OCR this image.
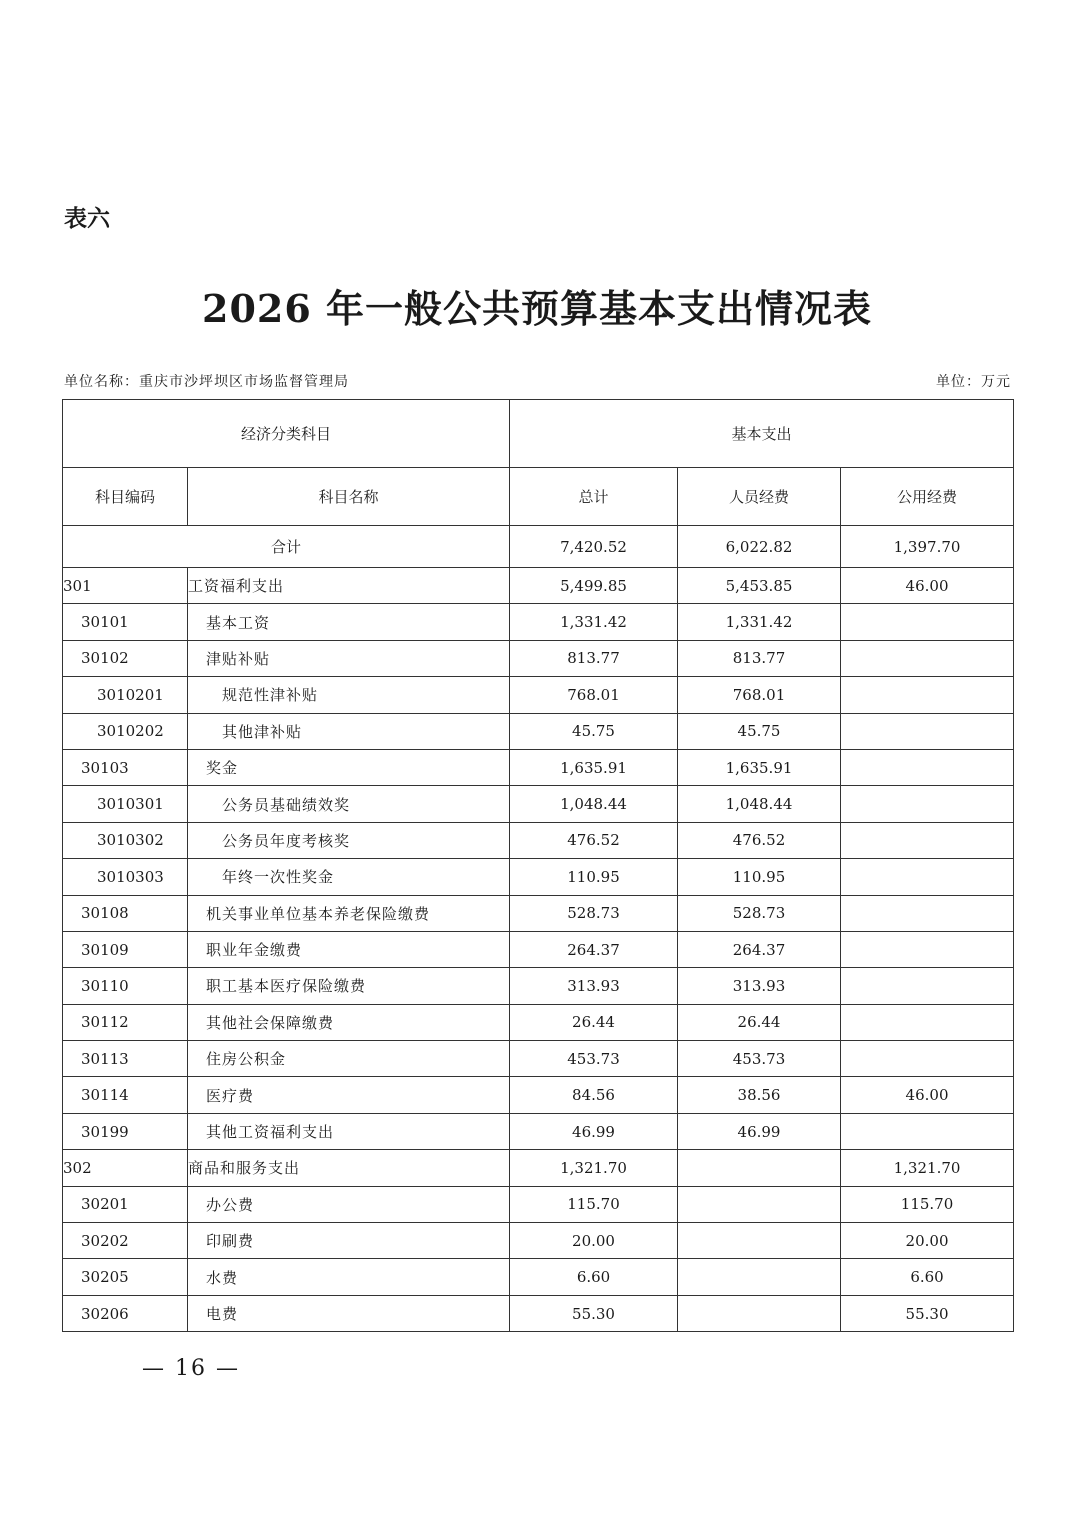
表六
2026 年一般公共预算基本支出情况表
单位名称：重庆市沙坪坝区市场监督管理局	单位：万元
经济分类科目		基本支出		
科目编码	科目名称	总计	人员经费	公用经费
合计		7,420.52	6,022.82	1,397.70
301	工资福利支出	5,499.85	5,453.85	46.00
30101	基本工资	1,331.42	1,331.42	
30102	津贴补贴	813.77	813.77	
3010201	规范性津补贴	768.01	768.01	
3010202	其他津补贴	45.75	45.75	
30103	奖金	1,635.91	1,635.91	
3010301	公务员基础绩效奖	1,048.44	1,048.44	
3010302	公务员年度考核奖	476.52	476.52	
3010303	年终一次性奖金	110.95	110.95	
30108	机关事业单位基本养老保险缴费	528.73	528.73	
30109	职业年金缴费	264.37	264.37	
30110	职工基本医疗保险缴费	313.93	313.93	
30112	其他社会保障缴费	26.44	26.44	
30113	住房公积金	453.73	453.73	
30114	医疗费	84.56	38.56	46.00
30199	其他工资福利支出	46.99	46.99	
302	商品和服务支出	1,321.70		1,321.70
30201	办公费	115.70		115.70
30202	印刷费	20.00		20.00
30205	水费	6.60		6.60
30206	电费	55.30		55.30
— 16 —
